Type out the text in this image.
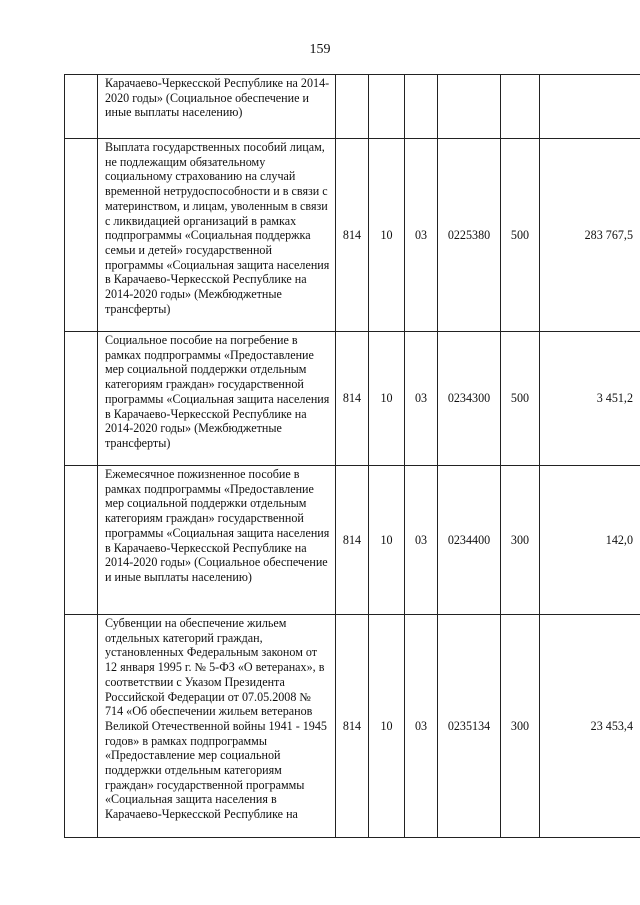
159
Карачаево-Черкесской Республике на 2014-2020 годы» (Социальное обеспечение и иные выплаты населению)						

Выплата государственных пособий лицам, не подлежащим обязательному социальному страхованию на случай временной нетрудоспособности и в связи с материнством, и лицам, уволенным в связи с ликвидацией организаций в рамках подпрограммы «Социальная поддержка семьи и детей» государственной программы «Социальная защита населения в Карачаево-Черкесской Республике на 2014-2020 годы» (Межбюджетные трансферты)	814	10	03	0225380	500	283 767,5

Социальное пособие на погребение в рамках подпрограммы «Предоставление мер социальной поддержки отдельным категориям граждан» государственной программы «Социальная защита населения в Карачаево-Черкесской Республике на 2014-2020 годы» (Межбюджетные трансферты)	814	10	03	0234300	500	3 451,2

Ежемесячное пожизненное пособие в рамках подпрограммы «Предоставление мер социальной поддержки отдельным категориям граждан» государственной программы «Социальная защита населения в Карачаево-Черкесской Республике на 2014-2020 годы» (Социальное обеспечение и иные выплаты населению)	814	10	03	0234400	300	142,0

Субвенции на обеспечение жильем отдельных категорий граждан, установленных Федеральным законом от 12 января 1995 г. № 5-ФЗ «О ветеранах», в соответствии с Указом Президента Российской Федерации от 07.05.2008 № 714 «Об обеспечении жильем ветеранов Великой Отечественной войны 1941 - 1945 годов» в рамках подпрограммы «Предоставление мер социальной поддержки отдельным категориям граждан» государственной программы «Социальная защита населения в Карачаево-Черкесской Республике на	814	10	03	0235134	300	23 453,4
